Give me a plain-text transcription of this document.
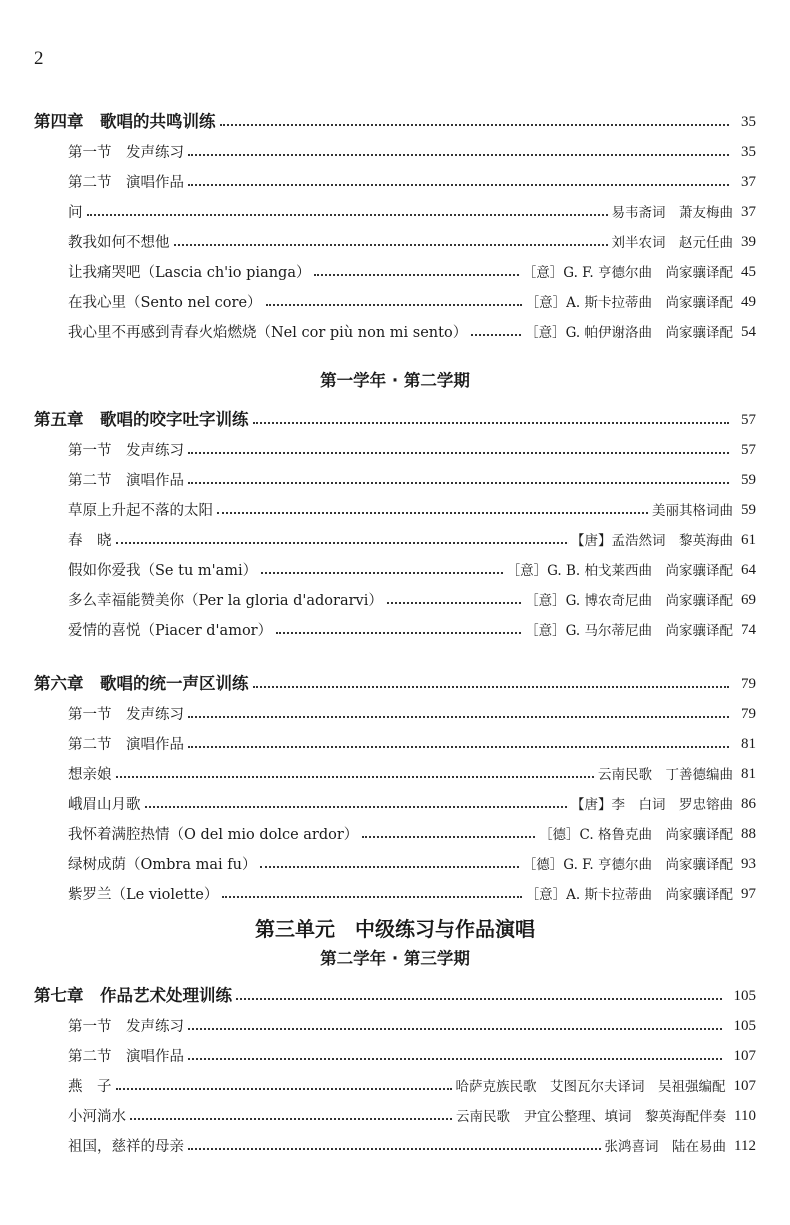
2
第四章　歌唱的共鸣训练	35
第一节　发声练习	35
第二节　演唱作品	37
问	易韦斋词　萧友梅曲 37
教我如何不想他	刘半农词　赵元任曲 39
让我痛哭吧（Lascia ch'io pianga）	［意］G. F. 亨德尔曲　尚家骧译配 45
在我心里（Sento nel core）	［意］A. 斯卡拉蒂曲　尚家骧译配 49
我心里不再感到青春火焰燃烧（Nel cor più non mi sento）	［意］G. 帕伊谢洛曲　尚家骧译配 54
第一学年 · 第二学期
第五章　歌唱的咬字吐字训练	57
第一节　发声练习	57
第二节　演唱作品	59
草原上升起不落的太阳	美丽其格词曲 59
春　晓	【唐】孟浩然词　黎英海曲 61
假如你爱我（Se tu m'ami）	［意］G. B. 柏戈莱西曲　尚家骧译配 64
多么幸福能赞美你（Per la gloria d'adorarvi）	［意］G. 博农奇尼曲　尚家骧译配 69
爱情的喜悦（Piacer d'amor）	［意］G. 马尔蒂尼曲　尚家骧译配 74
第六章　歌唱的统一声区训练	79
第一节　发声练习	79
第二节　演唱作品	81
想亲娘	云南民歌　丁善德编曲 81
峨眉山月歌	【唐】李　白词　罗忠镕曲 86
我怀着满腔热情（O del mio dolce ardor）	［德］C. 格鲁克曲　尚家骧译配 88
绿树成荫（Ombra mai fu）	［德］G. F. 亨德尔曲　尚家骧译配 93
紫罗兰（Le violette）	［意］A. 斯卡拉蒂曲　尚家骧译配 97
第三单元　中级练习与作品演唱
第二学年 · 第三学期
第七章　作品艺术处理训练	105
第一节　发声练习	105
第二节　演唱作品	107
燕　子	哈萨克族民歌　艾图瓦尔夫译词　吴祖强编配 107
小河淌水	云南民歌　尹宜公整理、填词　黎英海配伴奏 110
祖国，慈祥的母亲	张鸿喜词　陆在易曲 112
